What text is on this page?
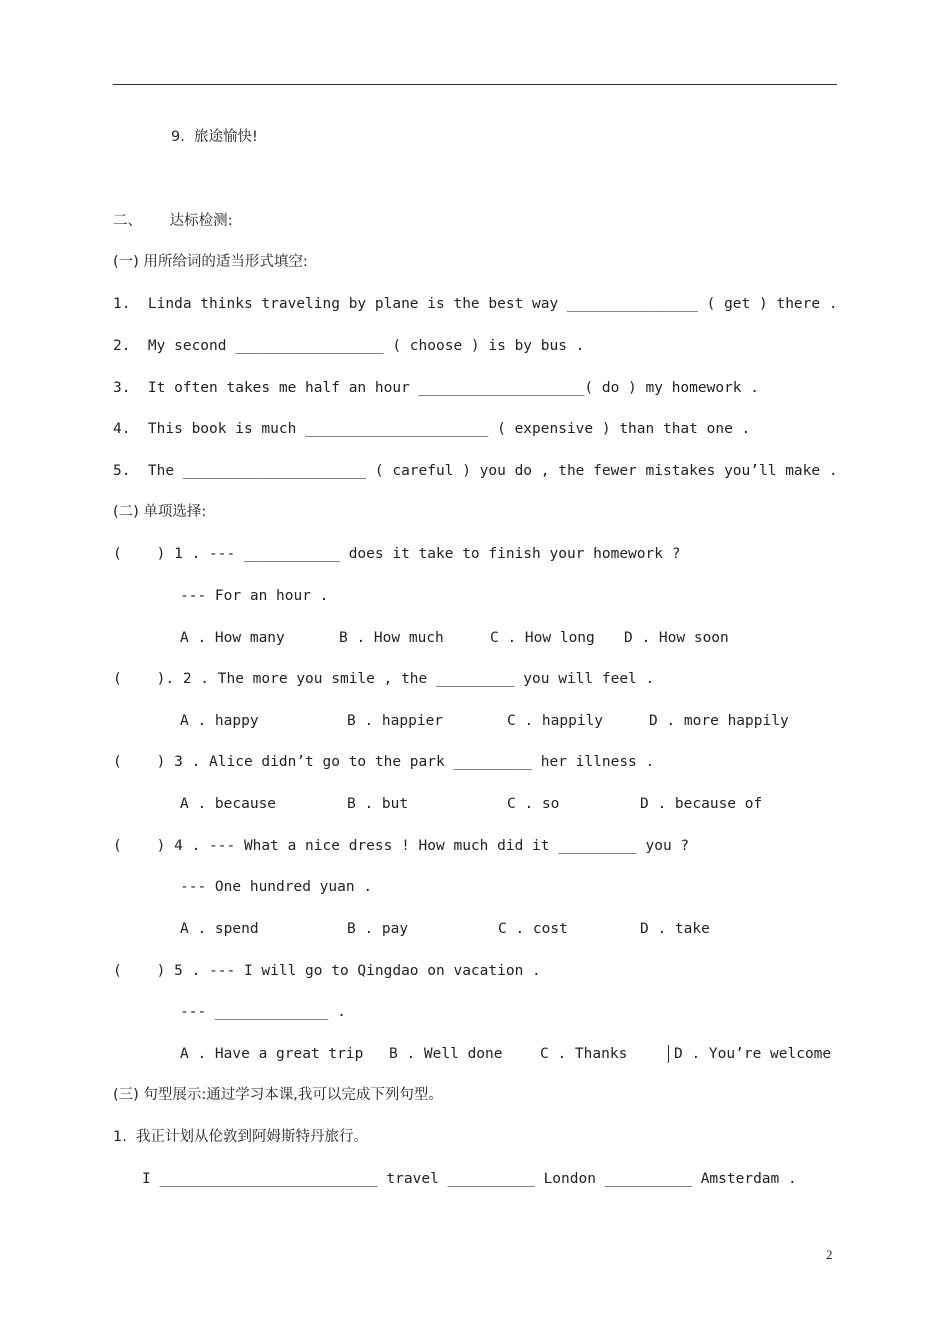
9.  旅途愉快!
二、      达标检测:
(一) 用所给词的适当形式填空:
1.  Linda thinks traveling by plane is the best way _______________ ( get ) there .
2.  My second _________________ ( choose ) is by bus .
3.  It often takes me half an hour ___________________( do ) my homework .
4.  This book is much _____________________ ( expensive ) than that one .
5.  The _____________________ ( careful ) you do , the fewer mistakes you’ll make .
(二) 单项选择:
(    ) 1 . --- ___________ does it take to finish your homework ?
--- For an hour .
A . How many	B . How much	C . How long D . How soon
(    ). 2 . The more you smile , the _________ you will feel .
A . happy	B . happier	C . happily	D . more happily
(    ) 3 . Alice didn’t go to the park _________ her illness .
A . because	B . but	C . so	D . because of
(    ) 4 . --- What a nice dress ! How much did it _________ you ?
--- One hundred yuan .
A . spend	B . pay	C . cost	D . take
(    ) 5 . --- I will go to Qingdao on vacation .
--- _____________ .
A . Have a great trip B . Well done	C . Thanks	D . You’re welcome
(三) 句型展示:通过学习本课,我可以完成下列句型。
1.  我正计划从伦敦到阿姆斯特丹旅行。
I _________________________ travel __________ London __________ Amsterdam .
2
